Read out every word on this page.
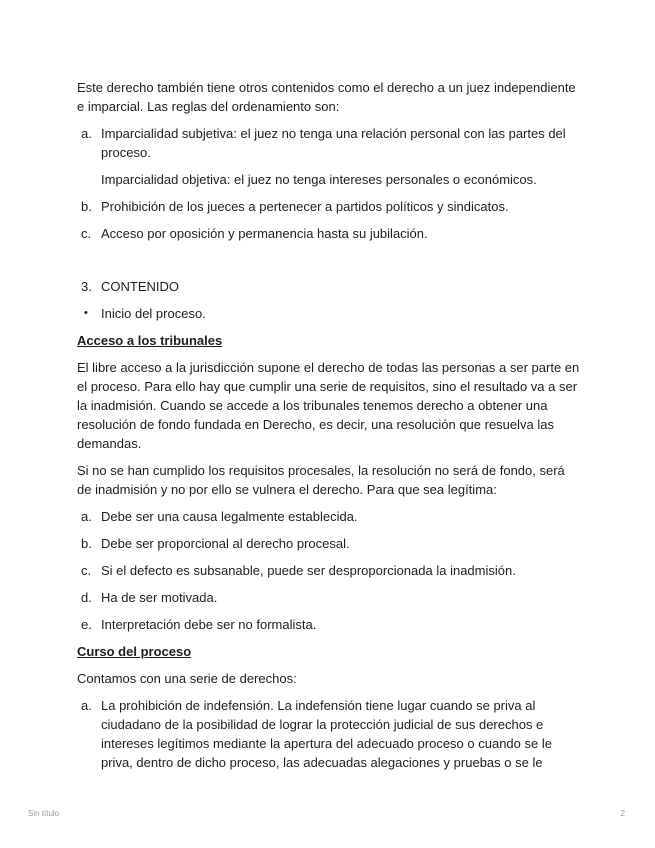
Este derecho también tiene otros contenidos como el derecho a un juez independiente e imparcial. Las reglas del ordenamiento son:

a. Imparcialidad subjetiva: el juez no tenga una relación personal con las partes del proceso.

Imparcialidad objetiva: el juez no tenga intereses personales o económicos.

b. Prohibición de los jueces a pertenecer a partidos políticos y sindicatos.
c. Acceso por oposición y permanencia hasta su jubilación.
3. CONTENIDO
• Inicio del proceso.

Acceso a los tribunales

El libre acceso a la jurisdicción supone el derecho de todas las personas a ser parte en el proceso. Para ello hay que cumplir una serie de requisitos, sino el resultado va a ser la inadmisión. Cuando se accede a los tribunales tenemos derecho a obtener una resolución de fondo fundada en Derecho, es decir, una resolución que resuelva las demandas.

Si no se han cumplido los requisitos procesales, la resolución no será de fondo, será de inadmisión y no por ello se vulnera el derecho. Para que sea legítima:

a. Debe ser una causa legalmente establecida.
b. Debe ser proporcional al derecho procesal.
c. Si el defecto es subsanable, puede ser desproporcionada la inadmisión.
d. Ha de ser motivada.
e. Interpretación debe ser no formalista.

Curso del proceso

Contamos con una serie de derechos:

a. La prohibición de indefensión. La indefensión tiene lugar cuando se priva al ciudadano de la posibilidad de lograr la protección judicial de sus derechos e intereses legítimos mediante la apertura del adecuado proceso o cuando se le priva, dentro de dicho proceso, las adecuadas alegaciones y pruebas o se le
Sin título	2
